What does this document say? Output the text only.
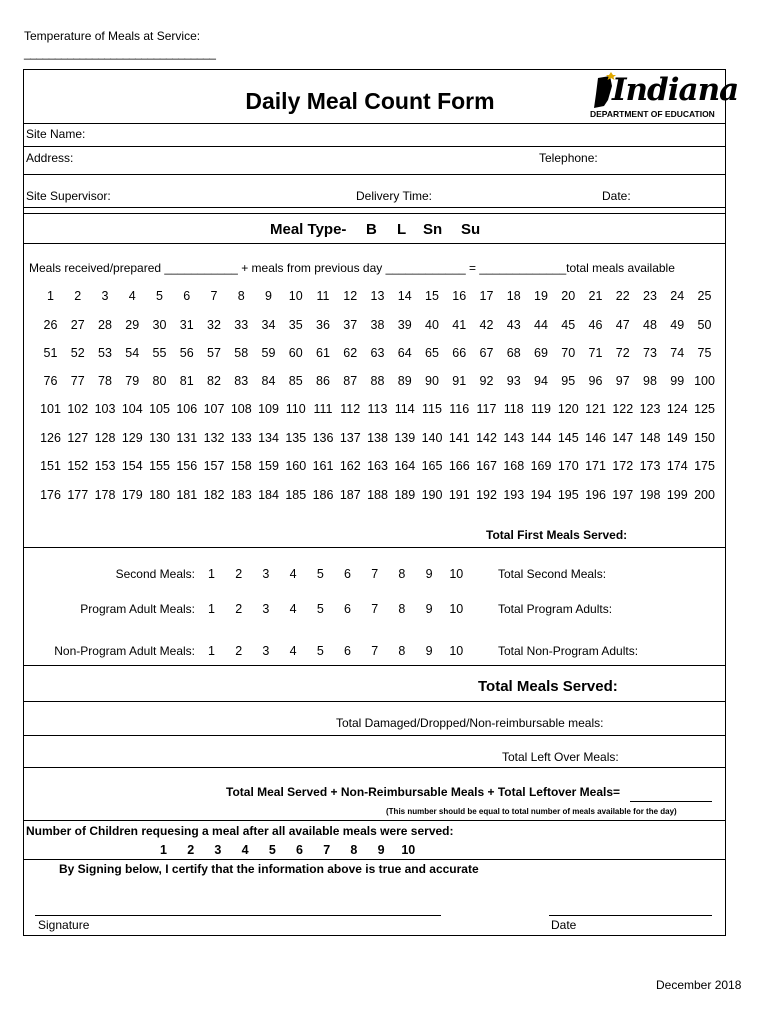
Temperature of Meals at Service:
_______________________________
Daily Meal Count Form	Indiana
DEPARTMENT OF EDUCATION
Site Name:
Address:	Telephone:
Site Supervisor:	Delivery Time:	Date:
Meal Type- B L Sn Su
Meals received/prepared ___________ + meals from previous day ____________ = _____________total meals available
1	2	3	4	5	6	7	8	9	10	11	12	13	14	15	16	17	18	19	20	21	22	23	24	25
26	27	28	29	30	31	32	33	34	35	36	37	38	39	40	41	42	43	44	45	46	47	48	49	50
51	52	53	54	55	56	57	58	59	60	61	62	63	64	65	66	67	68	69	70	71	72	73	74	75
76	77	78	79	80	81	82	83	84	85	86	87	88	89	90	91	92	93	94	95	96	97	98	99 100
101 102 103 104 105 106 107 108 109 110 111 112 113 114 115 116 117 118 119 120 121 122 123 124 125
126 127 128 129 130 131 132 133 134 135 136 137 138 139 140 141 142 143 144 145 146 147 148 149 150
151 152 153 154 155 156 157 158 159 160 161 162 163 164 165 166 167 168 169 170 171 172 173 174 175
176 177 178 179 180 181 182 183 184 185 186 187 188 189 190 191 192 193 194 195 196 197 198 199 200
Total First Meals Served:
Second Meals:	1	2	3	4	5	6	7	8	9	10	Total Second Meals:
Program Adult Meals:	1	2	3	4	5	6	7	8	9	10	Total Program Adults:
Non-Program Adult Meals:	1	2	3	4	5	6	7	8	9	10	Total Non-Program Adults:
Total Meals Served:
Total Damaged/Dropped/Non-reimbursable meals:
Total Left Over Meals:
Total Meal Served + Non-Reimbursable Meals + Total Leftover Meals=
(This number should be equal to total number of meals available for the day)
Number of Children requesing a meal after all available meals were served:
1	2	3	4	5	6	7	8	9	10
By Signing below, I certify that the information above is true and accurate
Signature	Date
December 2018
